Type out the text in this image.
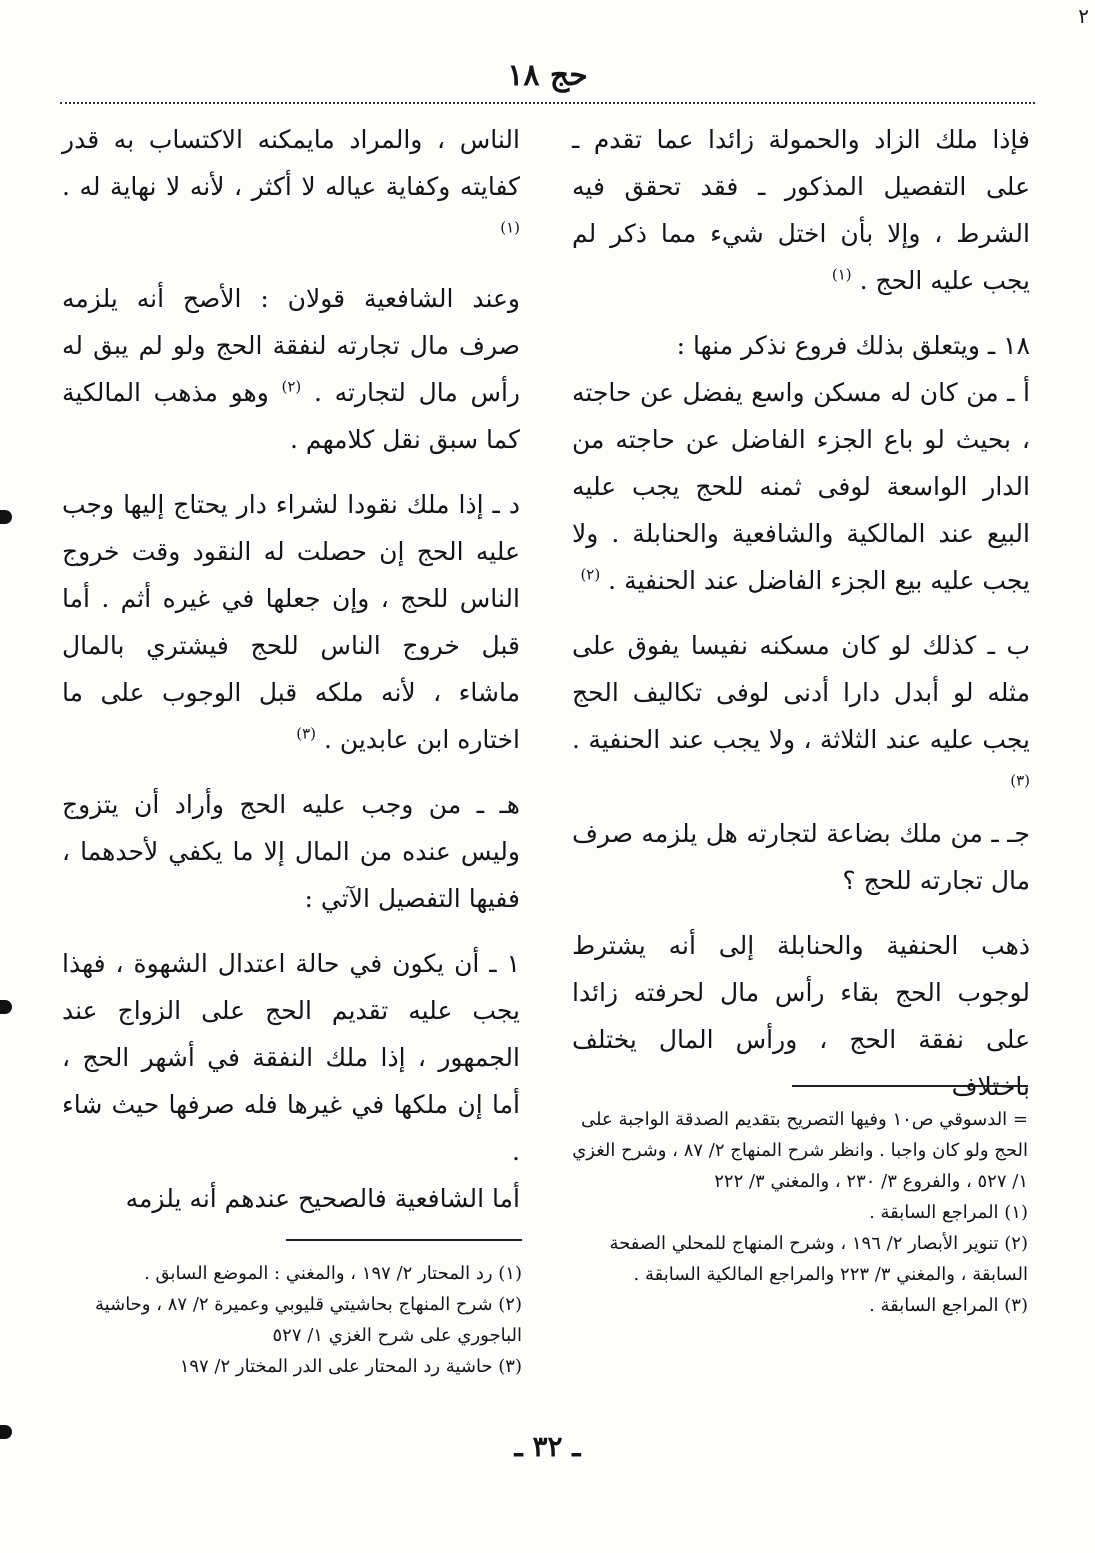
٢
حج ١٨

فإذا ملك الزاد والحمولة زائدا عما تقدم ـ على التفصيل المذكور ـ فقد تحقق فيه الشرط ، وإلا بأن اختل شيء مما ذكر لم يجب عليه الحج . $^{(١)}$

١٨ ـ ويتعلق بذلك فروع نذكر منها :

أ ـ من كان له مسكن واسع يفضل عن حاجته ، بحيث لو باع الجزء الفاضل عن حاجته من الدار الواسعة لوفى ثمنه للحج يجب عليه البيع عند المالكية والشافعية والحنابلة . ولا يجب عليه بيع الجزء الفاضل عند الحنفية . $^{(٢)}$

ب ـ كذلك لو كان مسكنه نفيسا يفوق على مثله لو أبدل دارا أدنى لوفى تكاليف الحج يجب عليه عند الثلاثة ، ولا يجب عند الحنفية . $^{(٣)}$

جـ ـ من ملك بضاعة لتجارته هل يلزمه صرف مال تجارته للحج ؟

ذهب الحنفية والحنابلة إلى أنه يشترط لوجوب الحج بقاء رأس مال لحرفته زائدا على نفقة الحج ، ورأس المال يختلف باختلاف

الناس ، والمراد مايمكنه الاكتساب به قدر كفايته وكفاية عياله لا أكثر ، لأنه لا نهاية له . $^{(١)}$

وعند الشافعية قولان : الأصح أنه يلزمه صرف مال تجارته لنفقة الحج ولو لم يبق له رأس مال لتجارته . $^{(٢)}$ وهو مذهب المالكية كما سبق نقل كلامهم .

د ـ إذا ملك نقودا لشراء دار يحتاج إليها وجب عليه الحج إن حصلت له النقود وقت خروج الناس للحج ، وإن جعلها في غيره أثم . أما قبل خروج الناس للحج فيشتري بالمال ماشاء ، لأنه ملكه قبل الوجوب على ما اختاره ابن عابدين . $^{(٣)}$

هـ ـ من وجب عليه الحج وأراد أن يتزوج وليس عنده من المال إلا ما يكفي لأحدهما ، ففيها التفصيل الآتي :

١ ـ أن يكون في حالة اعتدال الشهوة ، فهذا يجب عليه تقديم الحج على الزواج عند الجمهور ، إذا ملك النفقة في أشهر الحج ، أما إن ملكها في غيرها فله صرفها حيث شاء .

أما الشافعية فالصحيح عندهم أنه يلزمه

= الدسوقي ص١٠ وفيها التصريح بتقديم الصدقة الواجبة على الحج ولو كان واجبا . وانظر شرح المنهاج ٢/ ٨٧ ، وشرح الغزي ١/ ٥٢٧ ، والفروع ٣/ ٢٣٠ ، والمغني ٣/ ٢٢٢
(١) المراجع السابقة .
(٢) تنوير الأبصار ٢/ ١٩٦ ، وشرح المنهاج للمحلي الصفحة السابقة ، والمغني ٣/ ٢٢٣ والمراجع المالكية السابقة .
(٣) المراجع السابقة .
(١) رد المحتار ٢/ ١٩٧ ، والمغني : الموضع السابق .
(٢) شرح المنهاج بحاشيتي قليوبي وعميرة ٢/ ٨٧ ، وحاشية الباجوري على شرح الغزي ١/ ٥٢٧
(٣) حاشية رد المحتار على الدر المختار ٢/ ١٩٧
ـ ٣٢ ـ
